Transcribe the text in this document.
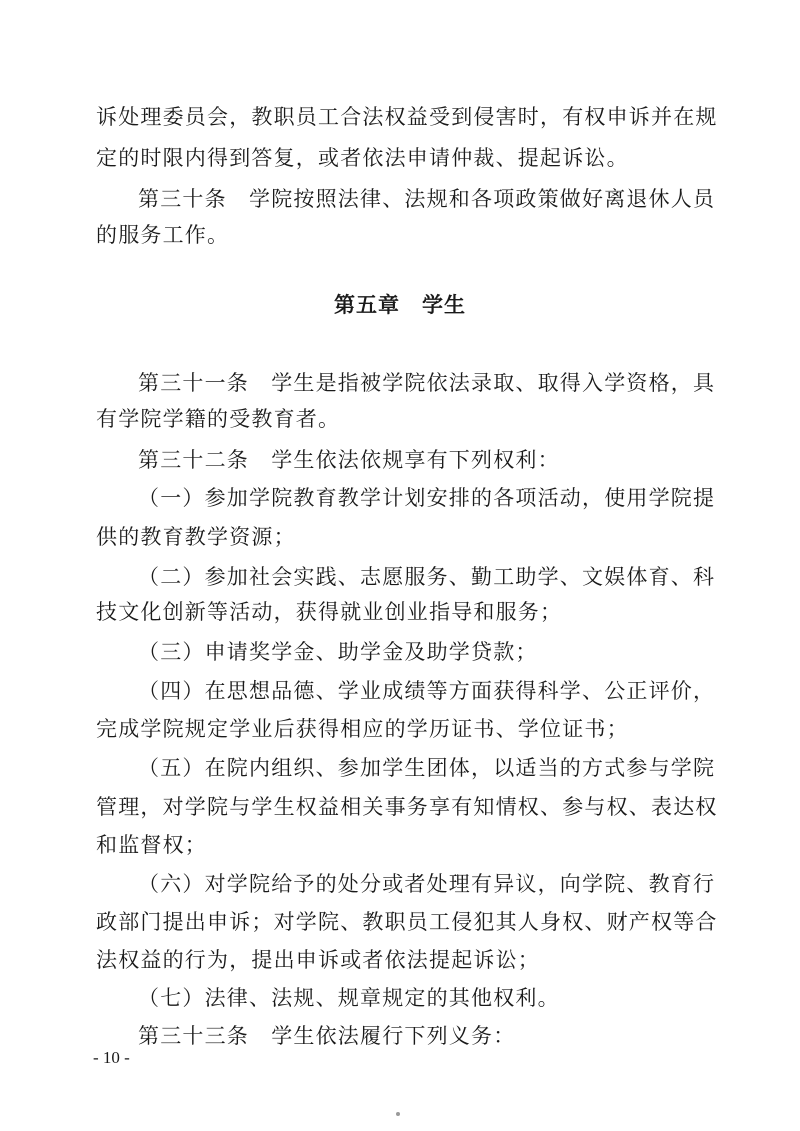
诉处理委员会，教职员工合法权益受到侵害时，有权申诉并在规
定的时限内得到答复，或者依法申请仲裁、提起诉讼。
第三十条　学院按照法律、法规和各项政策做好离退休人员
的服务工作。
第五章　学生
第三十一条　学生是指被学院依法录取、取得入学资格，具
有学院学籍的受教育者。
第三十二条　学生依法依规享有下列权利：
（一）参加学院教育教学计划安排的各项活动，使用学院提
供的教育教学资源；
（二）参加社会实践、志愿服务、勤工助学、文娱体育、科
技文化创新等活动，获得就业创业指导和服务；
（三）申请奖学金、助学金及助学贷款；
（四）在思想品德、学业成绩等方面获得科学、公正评价，
完成学院规定学业后获得相应的学历证书、学位证书；
（五）在院内组织、参加学生团体，以适当的方式参与学院
管理，对学院与学生权益相关事务享有知情权、参与权、表达权
和监督权；
（六）对学院给予的处分或者处理有异议，向学院、教育行
政部门提出申诉；对学院、教职员工侵犯其人身权、财产权等合
法权益的行为，提出申诉或者依法提起诉讼；
（七）法律、法规、规章规定的其他权利。
第三十三条　学生依法履行下列义务：
- 10 -
